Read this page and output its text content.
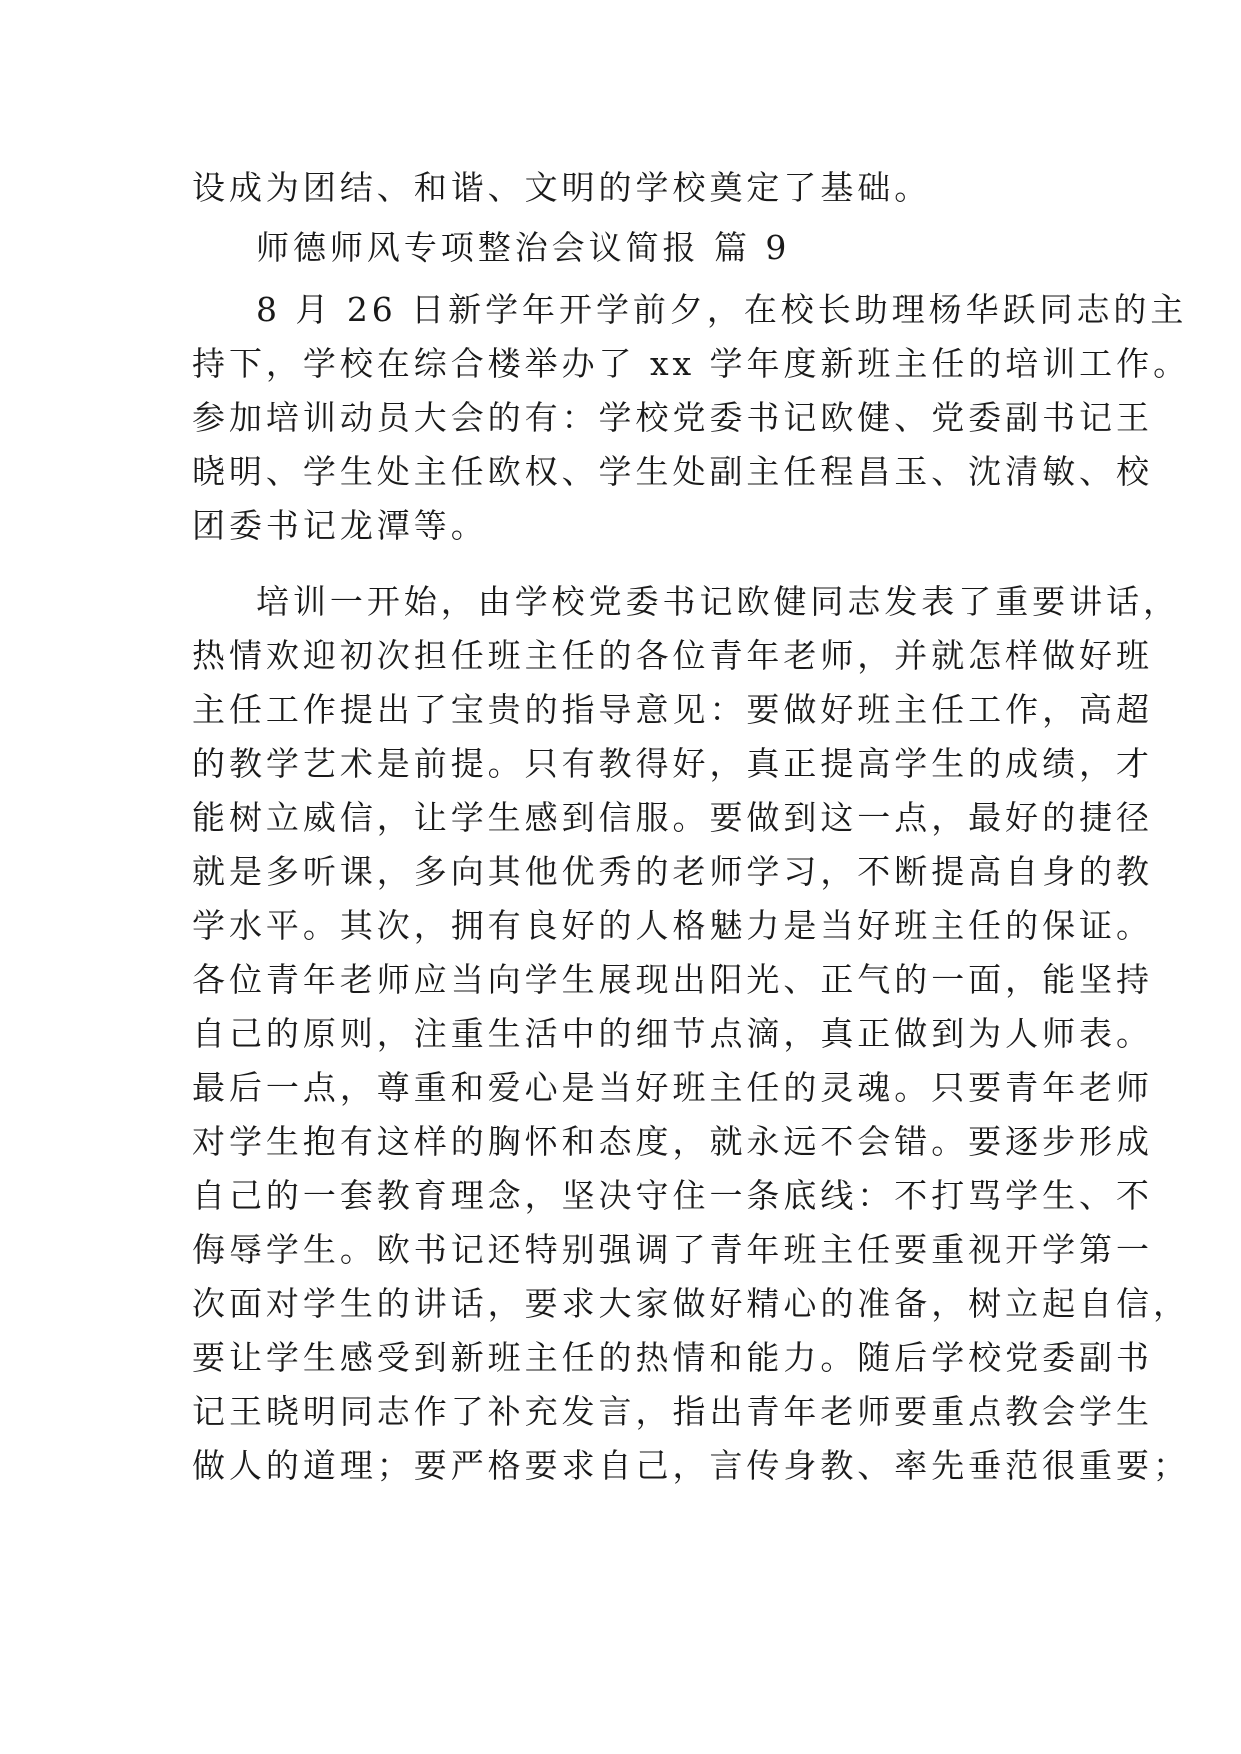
设成为团结、和谐、文明的学校奠定了基础。
师德师风专项整治会议简报 篇 9
8 月 26 日新学年开学前夕，在校长助理杨华跃同志的主
持下，学校在综合楼举办了 xx 学年度新班主任的培训工作。
参加培训动员大会的有：学校党委书记欧健、党委副书记王
晓明、学生处主任欧权、学生处副主任程昌玉、沈清敏、校
团委书记龙潭等。
培训一开始，由学校党委书记欧健同志发表了重要讲话，
热情欢迎初次担任班主任的各位青年老师，并就怎样做好班
主任工作提出了宝贵的指导意见：要做好班主任工作，高超
的教学艺术是前提。只有教得好，真正提高学生的成绩，才
能树立威信，让学生感到信服。要做到这一点，最好的捷径
就是多听课，多向其他优秀的老师学习，不断提高自身的教
学水平。其次，拥有良好的人格魅力是当好班主任的保证。
各位青年老师应当向学生展现出阳光、正气的一面，能坚持
自己的原则，注重生活中的细节点滴，真正做到为人师表。
最后一点，尊重和爱心是当好班主任的灵魂。只要青年老师
对学生抱有这样的胸怀和态度，就永远不会错。要逐步形成
自己的一套教育理念，坚决守住一条底线：不打骂学生、不
侮辱学生。欧书记还特别强调了青年班主任要重视开学第一
次面对学生的讲话，要求大家做好精心的准备，树立起自信，
要让学生感受到新班主任的热情和能力。随后学校党委副书
记王晓明同志作了补充发言，指出青年老师要重点教会学生
做人的道理；要严格要求自己，言传身教、率先垂范很重要；
